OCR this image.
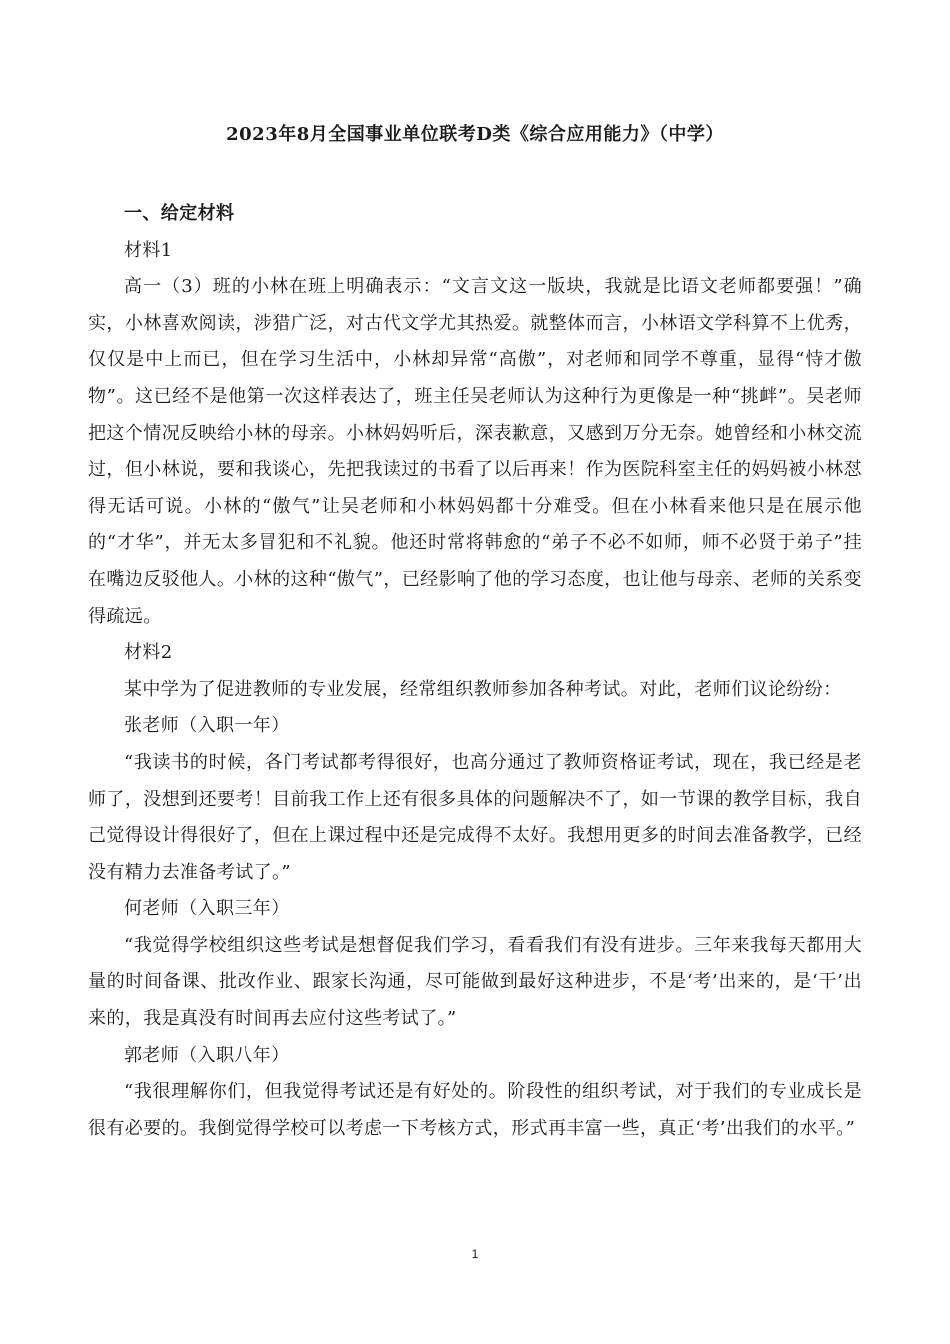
2023年8月全国事业单位联考D类《综合应用能力》（中学）

一、给定材料

材料1

高一（3）班的小林在班上明确表示：“文言文这一版块，我就是比语文老师都要强！”确实，小林喜欢阅读，涉猎广泛，对古代文学尤其热爱。就整体而言，小林语文学科算不上优秀，仅仅是中上而已，但在学习生活中，小林却异常“高傲”，对老师和同学不尊重，显得“恃才傲物”。这已经不是他第一次这样表达了，班主任吴老师认为这种行为更像是一种“挑衅”。吴老师把这个情况反映给小林的母亲。小林妈妈听后，深表歉意，又感到万分无奈。她曾经和小林交流过，但小林说，要和我谈心，先把我读过的书看了以后再来！作为医院科室主任的妈妈被小林怼得无话可说。小林的“傲气”让吴老师和小林妈妈都十分难受。但在小林看来他只是在展示他的“才华”，并无太多冒犯和不礼貌。他还时常将韩愈的“弟子不必不如师，师不必贤于弟子”挂在嘴边反驳他人。小林的这种“傲气”，已经影响了他的学习态度，也让他与母亲、老师的关系变得疏远。

材料2

某中学为了促进教师的专业发展，经常组织教师参加各种考试。对此，老师们议论纷纷：

张老师（入职一年）

“我读书的时候，各门考试都考得很好，也高分通过了教师资格证考试，现在，我已经是老师了，没想到还要考！目前我工作上还有很多具体的问题解决不了，如一节课的教学目标，我自己觉得设计得很好了，但在上课过程中还是完成得不太好。我想用更多的时间去准备教学，已经没有精力去准备考试了。”

何老师（入职三年）

“我觉得学校组织这些考试是想督促我们学习，看看我们有没有进步。三年来我每天都用大量的时间备课、批改作业、跟家长沟通，尽可能做到最好这种进步，不是‘考’出来的，是‘干’出来的，我是真没有时间再去应付这些考试了。”

郭老师（入职八年）

“我很理解你们，但我觉得考试还是有好处的。阶段性的组织考试，对于我们的专业成长是很有必要的。我倒觉得学校可以考虑一下考核方式，形式再丰富一些，真正‘考’出我们的水平。”

1
